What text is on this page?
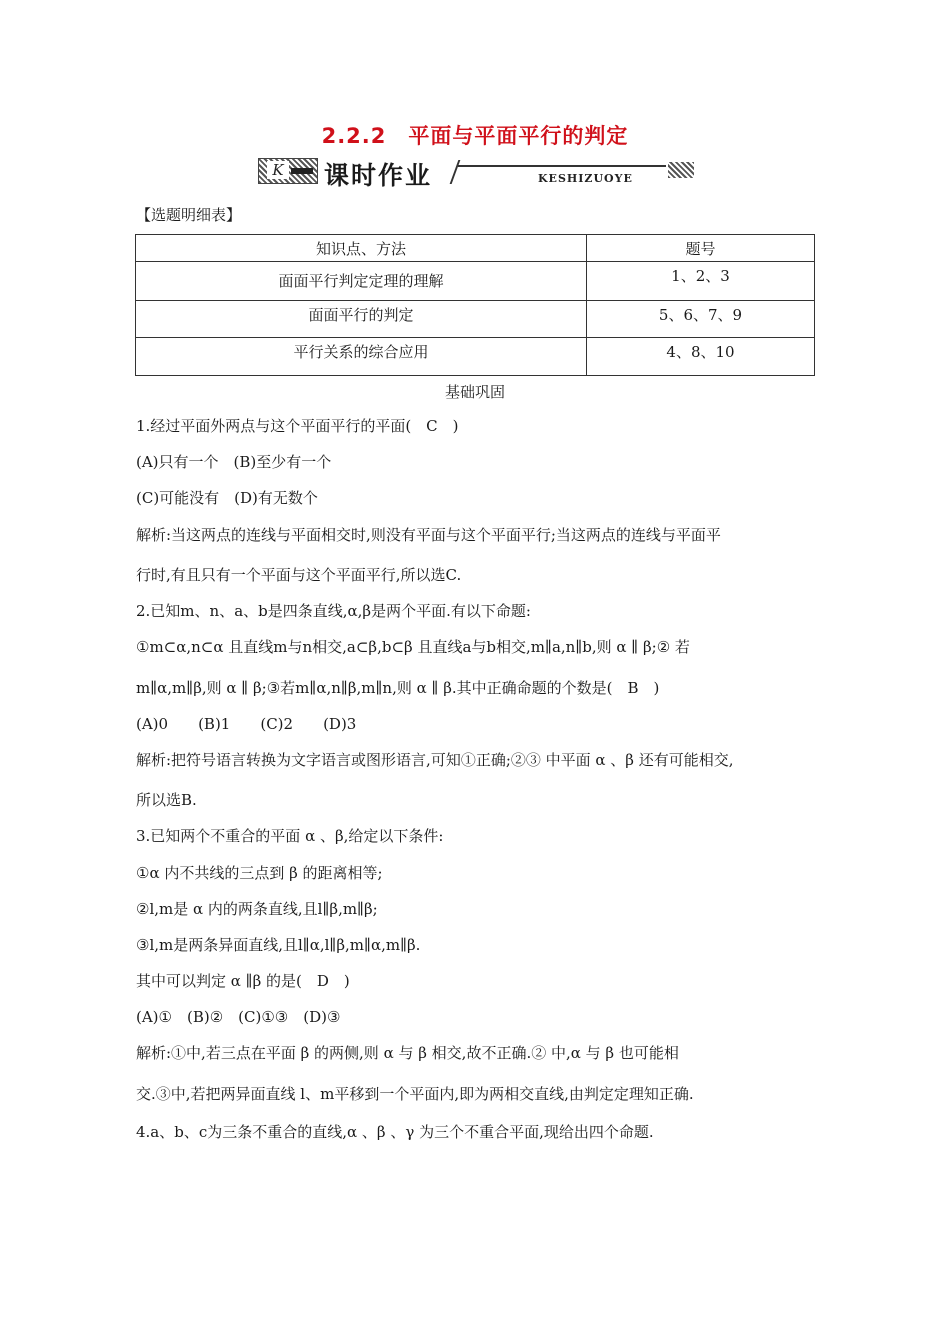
2.2.2　平面与平面平行的判定
K 课时作业	KESHIZUOYE
【选题明细表】
知识点、方法	题号
面面平行判定定理的理解	1、2、3
面面平行的判定	5、6、7、9
平行关系的综合应用	4、8、10
基础巩固
1.经过平面外两点与这个平面平行的平面(　C　)
(A)只有一个　(B)至少有一个
(C)可能没有　(D)有无数个
解析:当这两点的连线与平面相交时,则没有平面与这个平面平行;当这两点的连线与平面平
行时,有且只有一个平面与这个平面平行,所以选C.
2.已知m、n、a、b是四条直线,α,β是两个平面.有以下命题:
①m⊂α,n⊂α 且直线m与n相交,a⊂β,b⊂β 且直线a与b相交,m∥a,n∥b,则 α ∥ β;② 若
m∥α,m∥β,则 α ∥ β;③若m∥α,n∥β,m∥n,则 α ∥ β.其中正确命题的个数是(　B　)
(A)0　　(B)1　　(C)2　　(D)3
解析:把符号语言转换为文字语言或图形语言,可知①正确;②③ 中平面 α 、β 还有可能相交,
所以选B.
3.已知两个不重合的平面 α 、β,给定以下条件:
①α 内不共线的三点到 β 的距离相等;
②l,m是 α 内的两条直线,且l∥β,m∥β;
③l,m是两条异面直线,且l∥α,l∥β,m∥α,m∥β.
其中可以判定 α ∥β 的是(　D　)
(A)①　(B)②　(C)①③　(D)③
解析:①中,若三点在平面 β 的两侧,则 α 与 β 相交,故不正确.② 中,α 与 β 也可能相
交.③中,若把两异面直线 l、m平移到一个平面内,即为两相交直线,由判定定理知正确.
4.a、b、c为三条不重合的直线,α 、β 、γ 为三个不重合平面,现给出四个命题.
